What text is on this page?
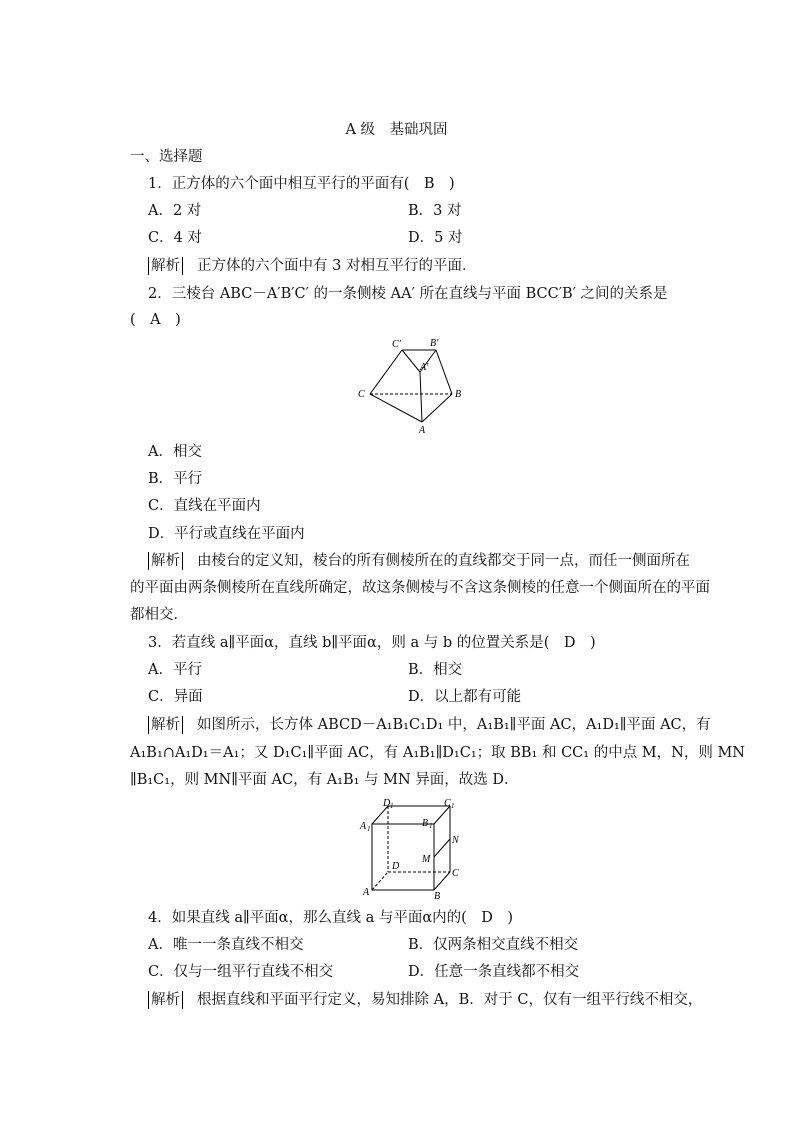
A 级　基础巩固
一、选择题
1．正方体的六个面中相互平行的平面有(　B　)
A．2 对	B．3 对
C．4 对	D．5 对
解析 正方体的六个面中有 3 对相互平行的平面．
2．三棱台 ABC－A′B′C′ 的一条侧棱 AA′ 所在直线与平面 BCC′B′ 之间的关系是
(　A　)
C′	B′
A′
C	B
A
A．相交
B．平行
C．直线在平面内
D．平行或直线在平面内
解析 由棱台的定义知，棱台的所有侧棱所在的直线都交于同一点，而任一侧面所在
的平面由两条侧棱所在直线所确定，故这条侧棱与不含这条侧棱的任意一个侧面所在的平面
都相交．
3．若直线 a∥平面α，直线 b∥平面α，则 a 与 b 的位置关系是(　D　)
A．平行	B．相交
C．异面	D．以上都有可能
解析 如图所示，长方体 ABCD－A₁B₁C₁D₁ 中，A₁B₁∥平面 AC，A₁D₁∥平面 AC，有
A₁B₁∩A₁D₁＝A₁；又 D₁C₁∥平面 AC，有 A₁B₁∥D₁C₁；取 BB₁ 和 CC₁ 的中点 M，N，则 MN
∥B₁C₁，则 MN∥平面 AC，有 A₁B₁ 与 MN 异面，故选 D．
D 1	C 1
A 1	B 1
N
M
D
C
A	B
4．如果直线 a∥平面α，那么直线 a 与平面α内的(　D　)
A．唯一一条直线不相交	B．仅两条相交直线不相交
C．仅与一组平行直线不相交	D．任意一条直线都不相交
解析 根据直线和平面平行定义，易知排除 A，B．对于 C，仅有一组平行线不相交，
